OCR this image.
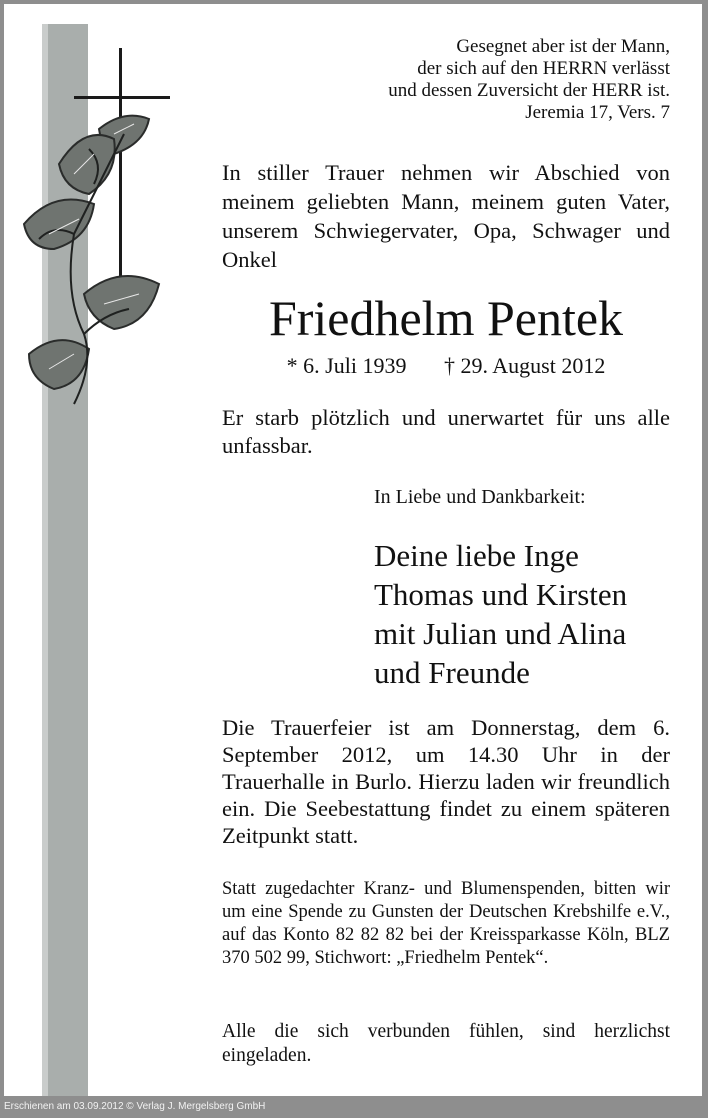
Gesegnet aber ist der Mann,
der sich auf den HERRN verlässt
und dessen Zuversicht der HERR ist.
Jeremia 17, Vers. 7
In stiller Trauer nehmen wir Abschied von meinem geliebten Mann, meinem guten Vater, unserem Schwiegervater, Opa, Schwager und Onkel
Friedhelm Pentek
* 6. Juli 1939 † 29. August 2012
Er starb plötzlich und unerwartet für uns alle unfassbar.
In Liebe und Dankbarkeit:
Deine liebe Inge
Thomas und Kirsten
mit Julian und Alina
und Freunde
Die Trauerfeier ist am Donnerstag, dem 6. September 2012, um 14.30 Uhr in der Trauerhalle in Burlo. Hierzu laden wir freundlich ein. Die Seebestattung findet zu einem späteren Zeitpunkt statt.
Statt zugedachter Kranz- und Blumenspenden, bitten wir um eine Spende zu Gunsten der Deutschen Krebshilfe e.V., auf das Konto 82 82 82 bei der Kreissparkasse Köln, BLZ 370 502 99, Stichwort: „Friedhelm Pentek“.
Alle die sich verbunden fühlen, sind herzlichst eingeladen.
Erschienen am 03.09.2012 © Verlag J. Mergelsberg GmbH
